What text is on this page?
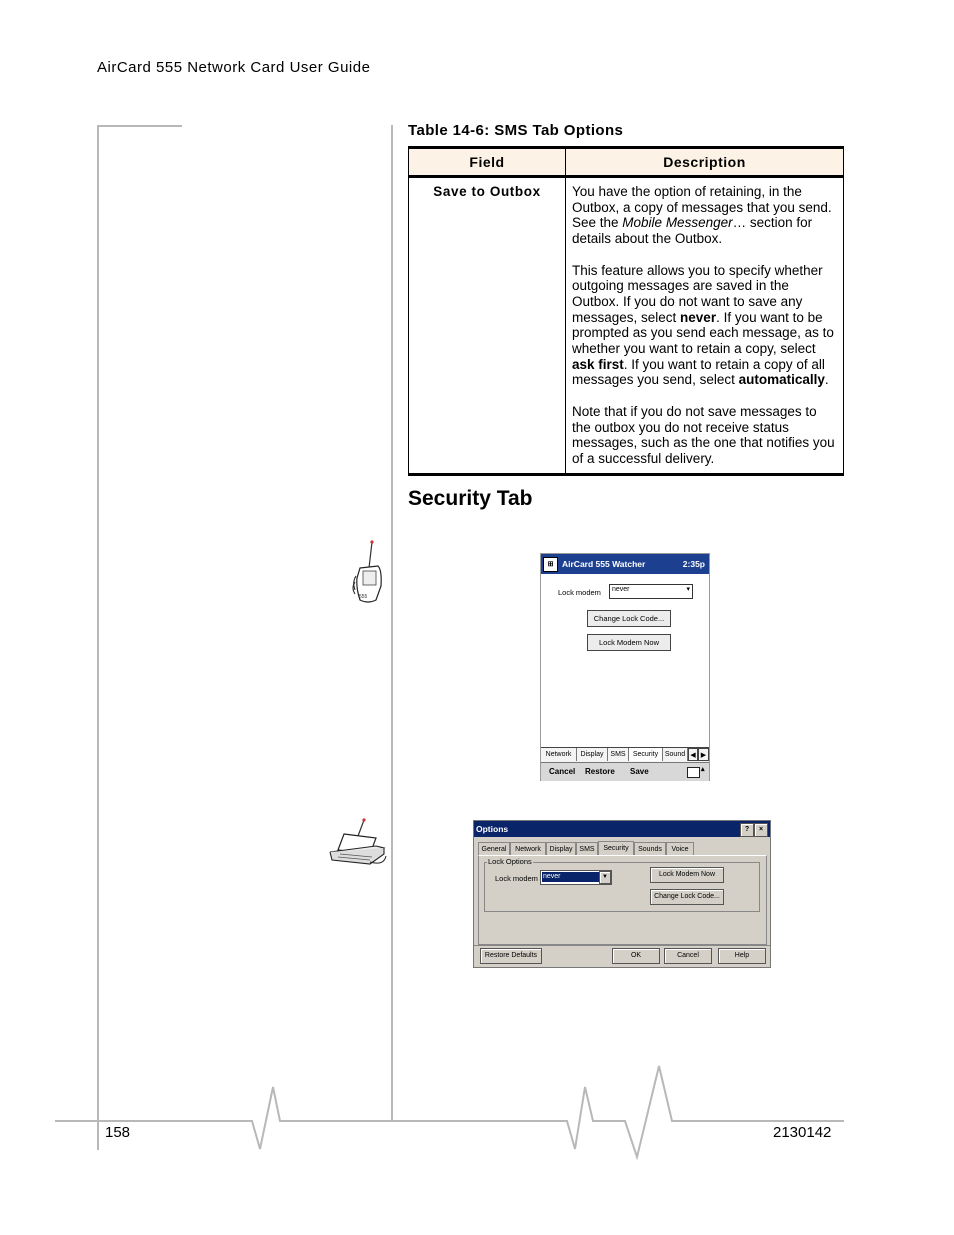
AirCard 555 Network Card User Guide
Table 14-6: SMS Tab Options
Field	Description
Save to Outbox	You have the option of retaining, in the Outbox, a copy of messages that you send. See the Mobile Messenger… section for details about the Outbox.

This feature allows you to specify whether outgoing messages are saved in the Outbox. If you do not want to save any messages, select never. If you want to be prompted as you send each message, as to whether you want to retain a copy, select ask first. If you want to retain a copy of all messages you send, select automatically.

Note that if you do not save messages to the outbox you do not receive status messages, such as the one that notifies you of a successful delivery.

Security Tab
555
⊞	AirCard 555 Watcher	2:35p
Lock modem never	▾
Change Lock Code...
Lock Modem Now
Network	Display SMS	Security Sound ◀ ▶
Cancel Restore Save	▴
Options	?	×
General	Network	Display SMS	Security	Sounds	Voice
Lock Options
Lock modem never	▼	Lock Modem Now
Change Lock Code...
Restore Defaults	OK	Cancel	Help
158	2130142
